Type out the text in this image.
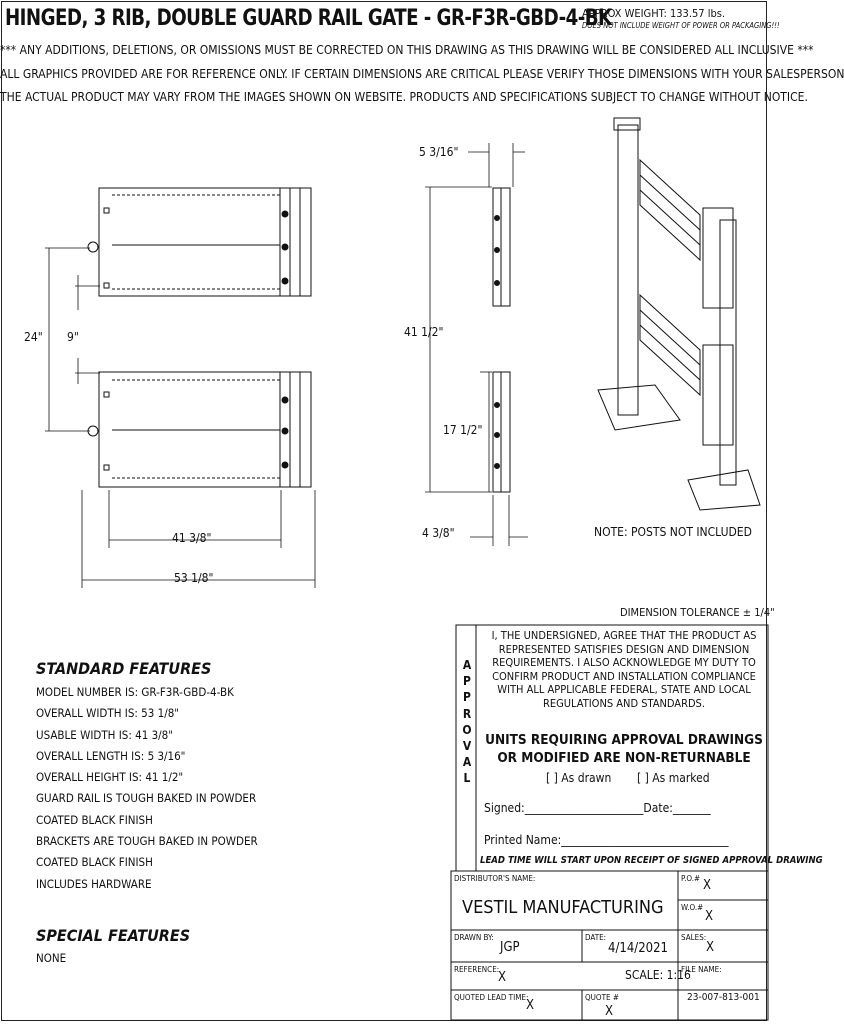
HINGED, 3 RIB, DOUBLE GUARD RAIL GATE - GR-F3R-GBD-4-BK
APPROX WEIGHT: 133.57 lbs.
DOES NOT INCLUDE WEIGHT OF POWER OR PACKAGING!!!
*** ANY ADDITIONS, DELETIONS, OR OMISSIONS MUST BE CORRECTED ON THIS DRAWING AS THIS DRAWING WILL BE CONSIDERED ALL INCLUSIVE ***
ALL GRAPHICS PROVIDED ARE FOR REFERENCE ONLY. IF CERTAIN DIMENSIONS ARE CRITICAL PLEASE VERIFY THOSE DIMENSIONS WITH YOUR SALESPERSON
THE ACTUAL PRODUCT MAY VARY FROM THE IMAGES SHOWN ON WEBSITE. PRODUCTS AND SPECIFICATIONS SUBJECT TO CHANGE WITHOUT NOTICE.
24" 9"
41 3/8"
53 1/8"
5 3/16"
41 1/2"
17 1/2"
4 3/8"	NOTE: POSTS NOT INCLUDED
STANDARD FEATURES
MODEL NUMBER IS: GR-F3R-GBD-4-BK
OVERALL WIDTH IS: 53 1/8"
USABLE WIDTH IS: 41 3/8"
OVERALL LENGTH IS: 5 3/16"
OVERALL HEIGHT IS: 41 1/2"
GUARD RAIL IS TOUGH BAKED IN POWDER
COATED BLACK FINISH
BRACKETS ARE TOUGH BAKED IN POWDER
COATED BLACK FINISH
INCLUDES HARDWARE
SPECIAL FEATURES
NONE
DIMENSION TOLERANCE ± 1/4"
APPROVAL
I, THE UNDERSIGNED, AGREE THAT THE PRODUCT AS REPRESENTED SATISFIES DESIGN AND DIMENSION REQUIREMENTS. I ALSO ACKNOWLEDGE MY DUTY TO CONFIRM PRODUCT AND INSTALLATION COMPLIANCE WITH ALL APPLICABLE FEDERAL, STATE AND LOCAL REGULATIONS AND STANDARDS.
UNITS REQUIRING APPROVAL DRAWINGS OR MODIFIED ARE NON-RETURNABLE
[ ] As drawn [ ] As marked
Signed:______________________Date:_______
Printed Name:_______________________________
LEAD TIME WILL START UPON RECEIPT OF SIGNED APPROVAL DRAWING
DISTRIBUTOR'S NAME:
VESTIL MANUFACTURING
P.O.# X
W.O.#
X
DRAWN BY:
JGP
DATE:
4/14/2021
SALES:
X
REFERENCE:
X	SCALE: 1:16
FILE NAME:
23-007-813-001
QUOTED LEAD TIME:
X
QUOTE #
X
